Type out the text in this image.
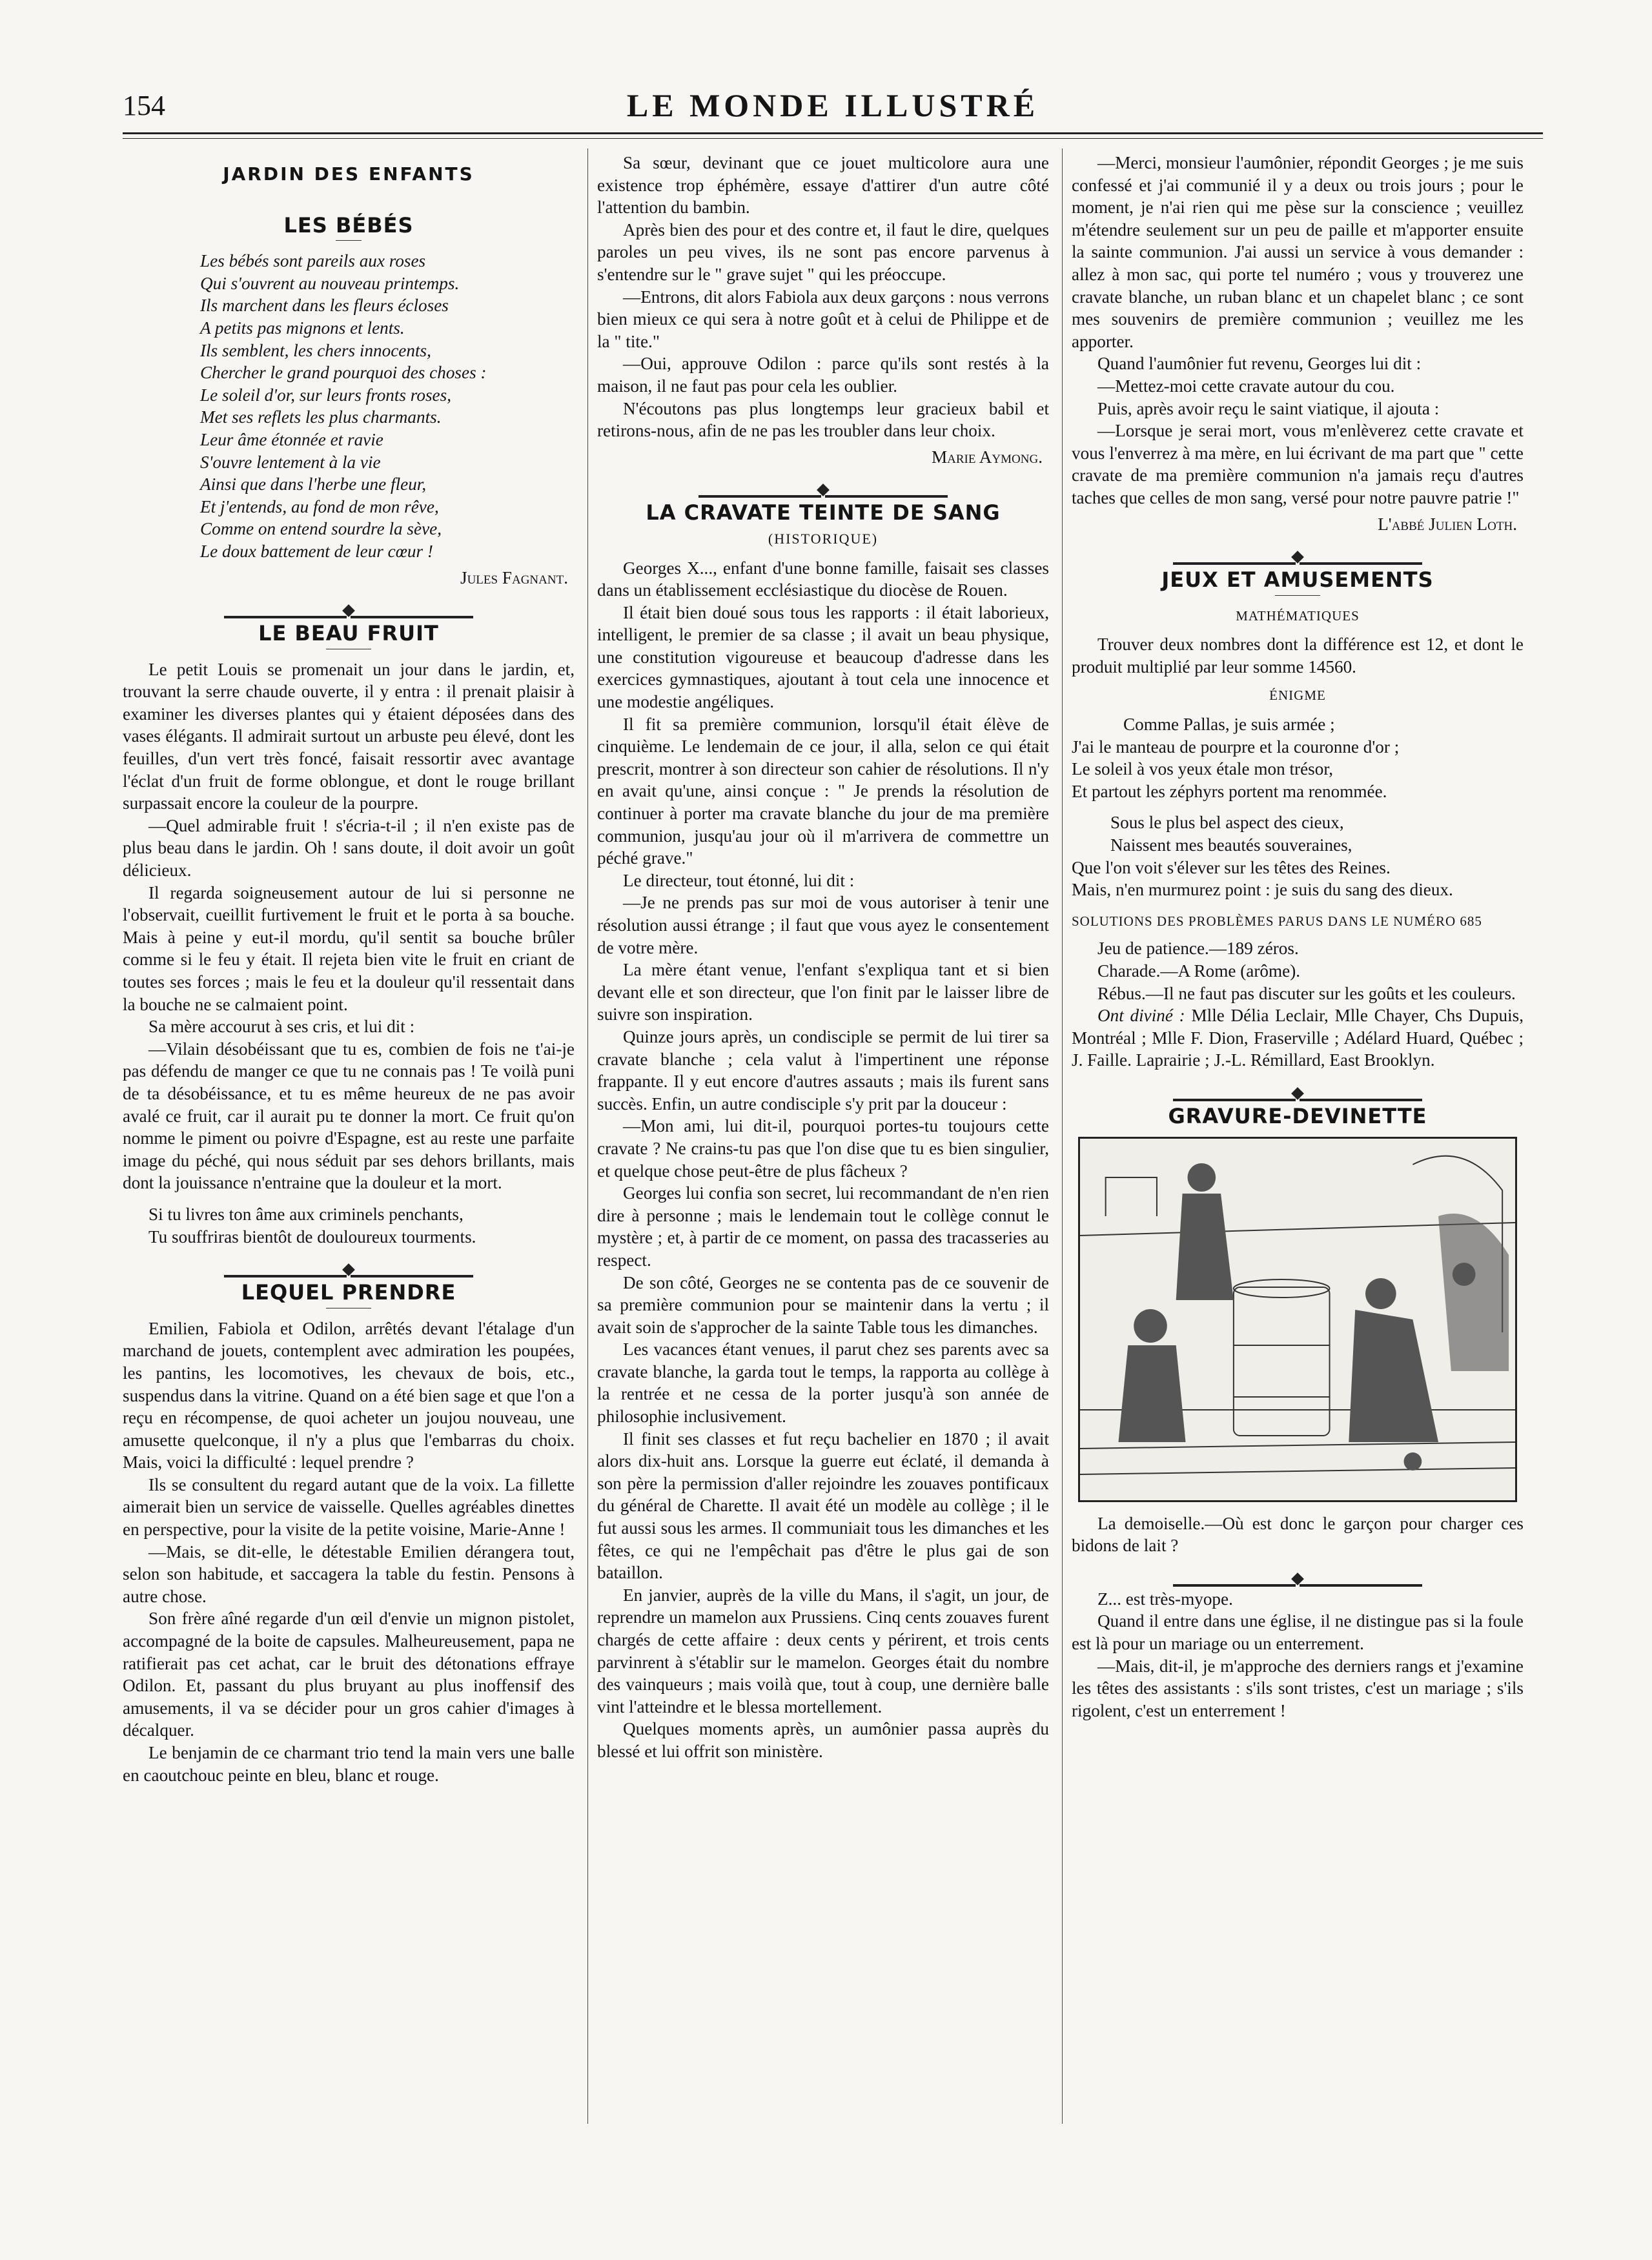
154	LE MONDE ILLUSTRÉ
JARDIN DES ENFANTS
LES BÉBÉS
Les bébés sont pareils aux roses
Qui s'ouvrent au nouveau printemps.
Ils marchent dans les fleurs écloses
A petits pas mignons et lents.
Ils semblent, les chers innocents,
Chercher le grand pourquoi des choses :
Le soleil d'or, sur leurs fronts roses,
Met ses reflets les plus charmants.
Leur âme étonnée et ravie
S'ouvre lentement à la vie
Ainsi que dans l'herbe une fleur,
Et j'entends, au fond de mon rêve,
Comme on entend sourdre la sève,
Le doux battement de leur cœur !
Jules Fagnant.
LE BEAU FRUIT

Le petit Louis se promenait un jour dans le jardin, et, trouvant la serre chaude ouverte, il y entra : il prenait plaisir à examiner les diverses plantes qui y étaient déposées dans des vases élégants. Il admirait surtout un arbuste peu élevé, dont les feuilles, d'un vert très foncé, faisait ressortir avec avantage l'éclat d'un fruit de forme oblongue, et dont le rouge brillant surpassait encore la couleur de la pourpre.

—Quel admirable fruit ! s'écria-t-il ; il n'en existe pas de plus beau dans le jardin. Oh ! sans doute, il doit avoir un goût délicieux.

Il regarda soigneusement autour de lui si personne ne l'observait, cueillit furtivement le fruit et le porta à sa bouche. Mais à peine y eut-il mordu, qu'il sentit sa bouche brûler comme si le feu y était. Il rejeta bien vite le fruit en criant de toutes ses forces ; mais le feu et la douleur qu'il ressentait dans la bouche ne se calmaient point.

Sa mère accourut à ses cris, et lui dit :

—Vilain désobéissant que tu es, combien de fois ne t'ai-je pas défendu de manger ce que tu ne connais pas ! Te voilà puni de ta désobéissance, et tu es même heureux de ne pas avoir avalé ce fruit, car il aurait pu te donner la mort. Ce fruit qu'on nomme le piment ou poivre d'Espagne, est au reste une parfaite image du péché, qui nous séduit par ses dehors brillants, mais dont la jouissance n'entraine que la douleur et la mort.

Si tu livres ton âme aux criminels penchants,
Tu souffriras bientôt de douloureux tourments.
LEQUEL PRENDRE

Emilien, Fabiola et Odilon, arrêtés devant l'étalage d'un marchand de jouets, contemplent avec admiration les poupées, les pantins, les locomotives, les chevaux de bois, etc., suspendus dans la vitrine. Quand on a été bien sage et que l'on a reçu en récompense, de quoi acheter un joujou nouveau, une amusette quelconque, il n'y a plus que l'embarras du choix. Mais, voici la difficulté : lequel prendre ?

Ils se consultent du regard autant que de la voix. La fillette aimerait bien un service de vaisselle. Quelles agréables dinettes en perspective, pour la visite de la petite voisine, Marie-Anne !

—Mais, se dit-elle, le détestable Emilien dérangera tout, selon son habitude, et saccagera la table du festin. Pensons à autre chose.

Son frère aîné regarde d'un œil d'envie un mignon pistolet, accompagné de la boite de capsules. Malheureusement, papa ne ratifierait pas cet achat, car le bruit des détonations effraye Odilon. Et, passant du plus bruyant au plus inoffensif des amusements, il va se décider pour un gros cahier d'images à décalquer.

Le benjamin de ce charmant trio tend la main vers une balle en caoutchouc peinte en bleu, blanc et rouge.

Sa sœur, devinant que ce jouet multicolore aura une existence trop éphémère, essaye d'attirer d'un autre côté l'attention du bambin.

Après bien des pour et des contre et, il faut le dire, quelques paroles un peu vives, ils ne sont pas encore parvenus à s'entendre sur le " grave sujet " qui les préoccupe.

—Entrons, dit alors Fabiola aux deux garçons : nous verrons bien mieux ce qui sera à notre goût et à celui de Philippe et de la " tite."

—Oui, approuve Odilon : parce qu'ils sont restés à la maison, il ne faut pas pour cela les oublier.

N'écoutons pas plus longtemps leur gracieux babil et retirons-nous, afin de ne pas les troubler dans leur choix.

Marie Aymong.
LA CRAVATE TEINTE DE SANG
(HISTORIQUE)

Georges X..., enfant d'une bonne famille, faisait ses classes dans un établissement ecclésiastique du diocèse de Rouen.

Il était bien doué sous tous les rapports : il était laborieux, intelligent, le premier de sa classe ; il avait un beau physique, une constitution vigoureuse et beaucoup d'adresse dans les exercices gymnastiques, ajoutant à tout cela une innocence et une modestie angéliques.

Il fit sa première communion, lorsqu'il était élève de cinquième. Le lendemain de ce jour, il alla, selon ce qui était prescrit, montrer à son directeur son cahier de résolutions. Il n'y en avait qu'une, ainsi conçue : " Je prends la résolution de continuer à porter ma cravate blanche du jour de ma première communion, jusqu'au jour où il m'arrivera de commettre un péché grave."

Le directeur, tout étonné, lui dit :

—Je ne prends pas sur moi de vous autoriser à tenir une résolution aussi étrange ; il faut que vous ayez le consentement de votre mère.

La mère étant venue, l'enfant s'expliqua tant et si bien devant elle et son directeur, que l'on finit par le laisser libre de suivre son inspiration.

Quinze jours après, un condisciple se permit de lui tirer sa cravate blanche ; cela valut à l'impertinent une réponse frappante. Il y eut encore d'autres assauts ; mais ils furent sans succès. Enfin, un autre condisciple s'y prit par la douceur :

—Mon ami, lui dit-il, pourquoi portes-tu toujours cette cravate ? Ne crains-tu pas que l'on dise que tu es bien singulier, et quelque chose peut-être de plus fâcheux ?

Georges lui confia son secret, lui recommandant de n'en rien dire à personne ; mais le lendemain tout le collège connut le mystère ; et, à partir de ce moment, on passa des tracasseries au respect.

De son côté, Georges ne se contenta pas de ce souvenir de sa première communion pour se maintenir dans la vertu ; il avait soin de s'approcher de la sainte Table tous les dimanches.

Les vacances étant venues, il parut chez ses parents avec sa cravate blanche, la garda tout le temps, la rapporta au collège à la rentrée et ne cessa de la porter jusqu'à son année de philosophie inclusivement.

Il finit ses classes et fut reçu bachelier en 1870 ; il avait alors dix-huit ans. Lorsque la guerre eut éclaté, il demanda à son père la permission d'aller rejoindre les zouaves pontificaux du général de Charette. Il avait été un modèle au collège ; il le fut aussi sous les armes. Il communiait tous les dimanches et les fêtes, ce qui ne l'empêchait pas d'être le plus gai de son bataillon.

En janvier, auprès de la ville du Mans, il s'agit, un jour, de reprendre un mamelon aux Prussiens. Cinq cents zouaves furent chargés de cette affaire : deux cents y périrent, et trois cents parvinrent à s'établir sur le mamelon. Georges était du nombre des vainqueurs ; mais voilà que, tout à coup, une dernière balle vint l'atteindre et le blessa mortellement.

Quelques moments après, un aumônier passa auprès du blessé et lui offrit son ministère.

—Merci, monsieur l'aumônier, répondit Georges ; je me suis confessé et j'ai communié il y a deux ou trois jours ; pour le moment, je n'ai rien qui me pèse sur la conscience ; veuillez m'étendre seulement sur un peu de paille et m'apporter ensuite la sainte communion. J'ai aussi un service à vous demander : allez à mon sac, qui porte tel numéro ; vous y trouverez une cravate blanche, un ruban blanc et un chapelet blanc ; ce sont mes souvenirs de première communion ; veuillez me les apporter.

Quand l'aumônier fut revenu, Georges lui dit :

—Mettez-moi cette cravate autour du cou.

Puis, après avoir reçu le saint viatique, il ajouta :

—Lorsque je serai mort, vous m'enlèverez cette cravate et vous l'enverrez à ma mère, en lui écrivant de ma part que " cette cravate de ma première communion n'a jamais reçu d'autres taches que celles de mon sang, versé pour notre pauvre patrie !"

L'abbé Julien Loth.
JEUX ET AMUSEMENTS
MATHÉMATIQUES

Trouver deux nombres dont la différence est 12, et dont le produit multiplié par leur somme 14560.

ÉNIGME
Comme Pallas, je suis armée ;
J'ai le manteau de pourpre et la couronne d'or ;
Le soleil à vos yeux étale mon trésor,
Et partout les zéphyrs portent ma renommée.
Sous le plus bel aspect des cieux,
Naissent mes beautés souveraines,
Que l'on voit s'élever sur les têtes des Reines.
Mais, n'en murmurez point : je suis du sang des dieux.
SOLUTIONS DES PROBLÈMES PARUS DANS LE NUMÉRO 685

Jeu de patience.—189 zéros.

Charade.—A Rome (arôme).

Rébus.—Il ne faut pas discuter sur les goûts et les couleurs.

Ont diviné : Mlle Délia Leclair, Mlle Chayer, Chs Dupuis, Montréal ; Mlle F. Dion, Fraserville ; Adélard Huard, Québec ; J. Faille. Laprairie ; J.-L. Rémillard, East Brooklyn.

GRAVURE-DEVINETTE

La demoiselle.—Où est donc le garçon pour charger ces bidons de lait ?

Z... est très-myope.

Quand il entre dans une église, il ne distingue pas si la foule est là pour un mariage ou un enterrement.

—Mais, dit-il, je m'approche des derniers rangs et j'examine les têtes des assistants : s'ils sont tristes, c'est un mariage ; s'ils rigolent, c'est un enterrement !
